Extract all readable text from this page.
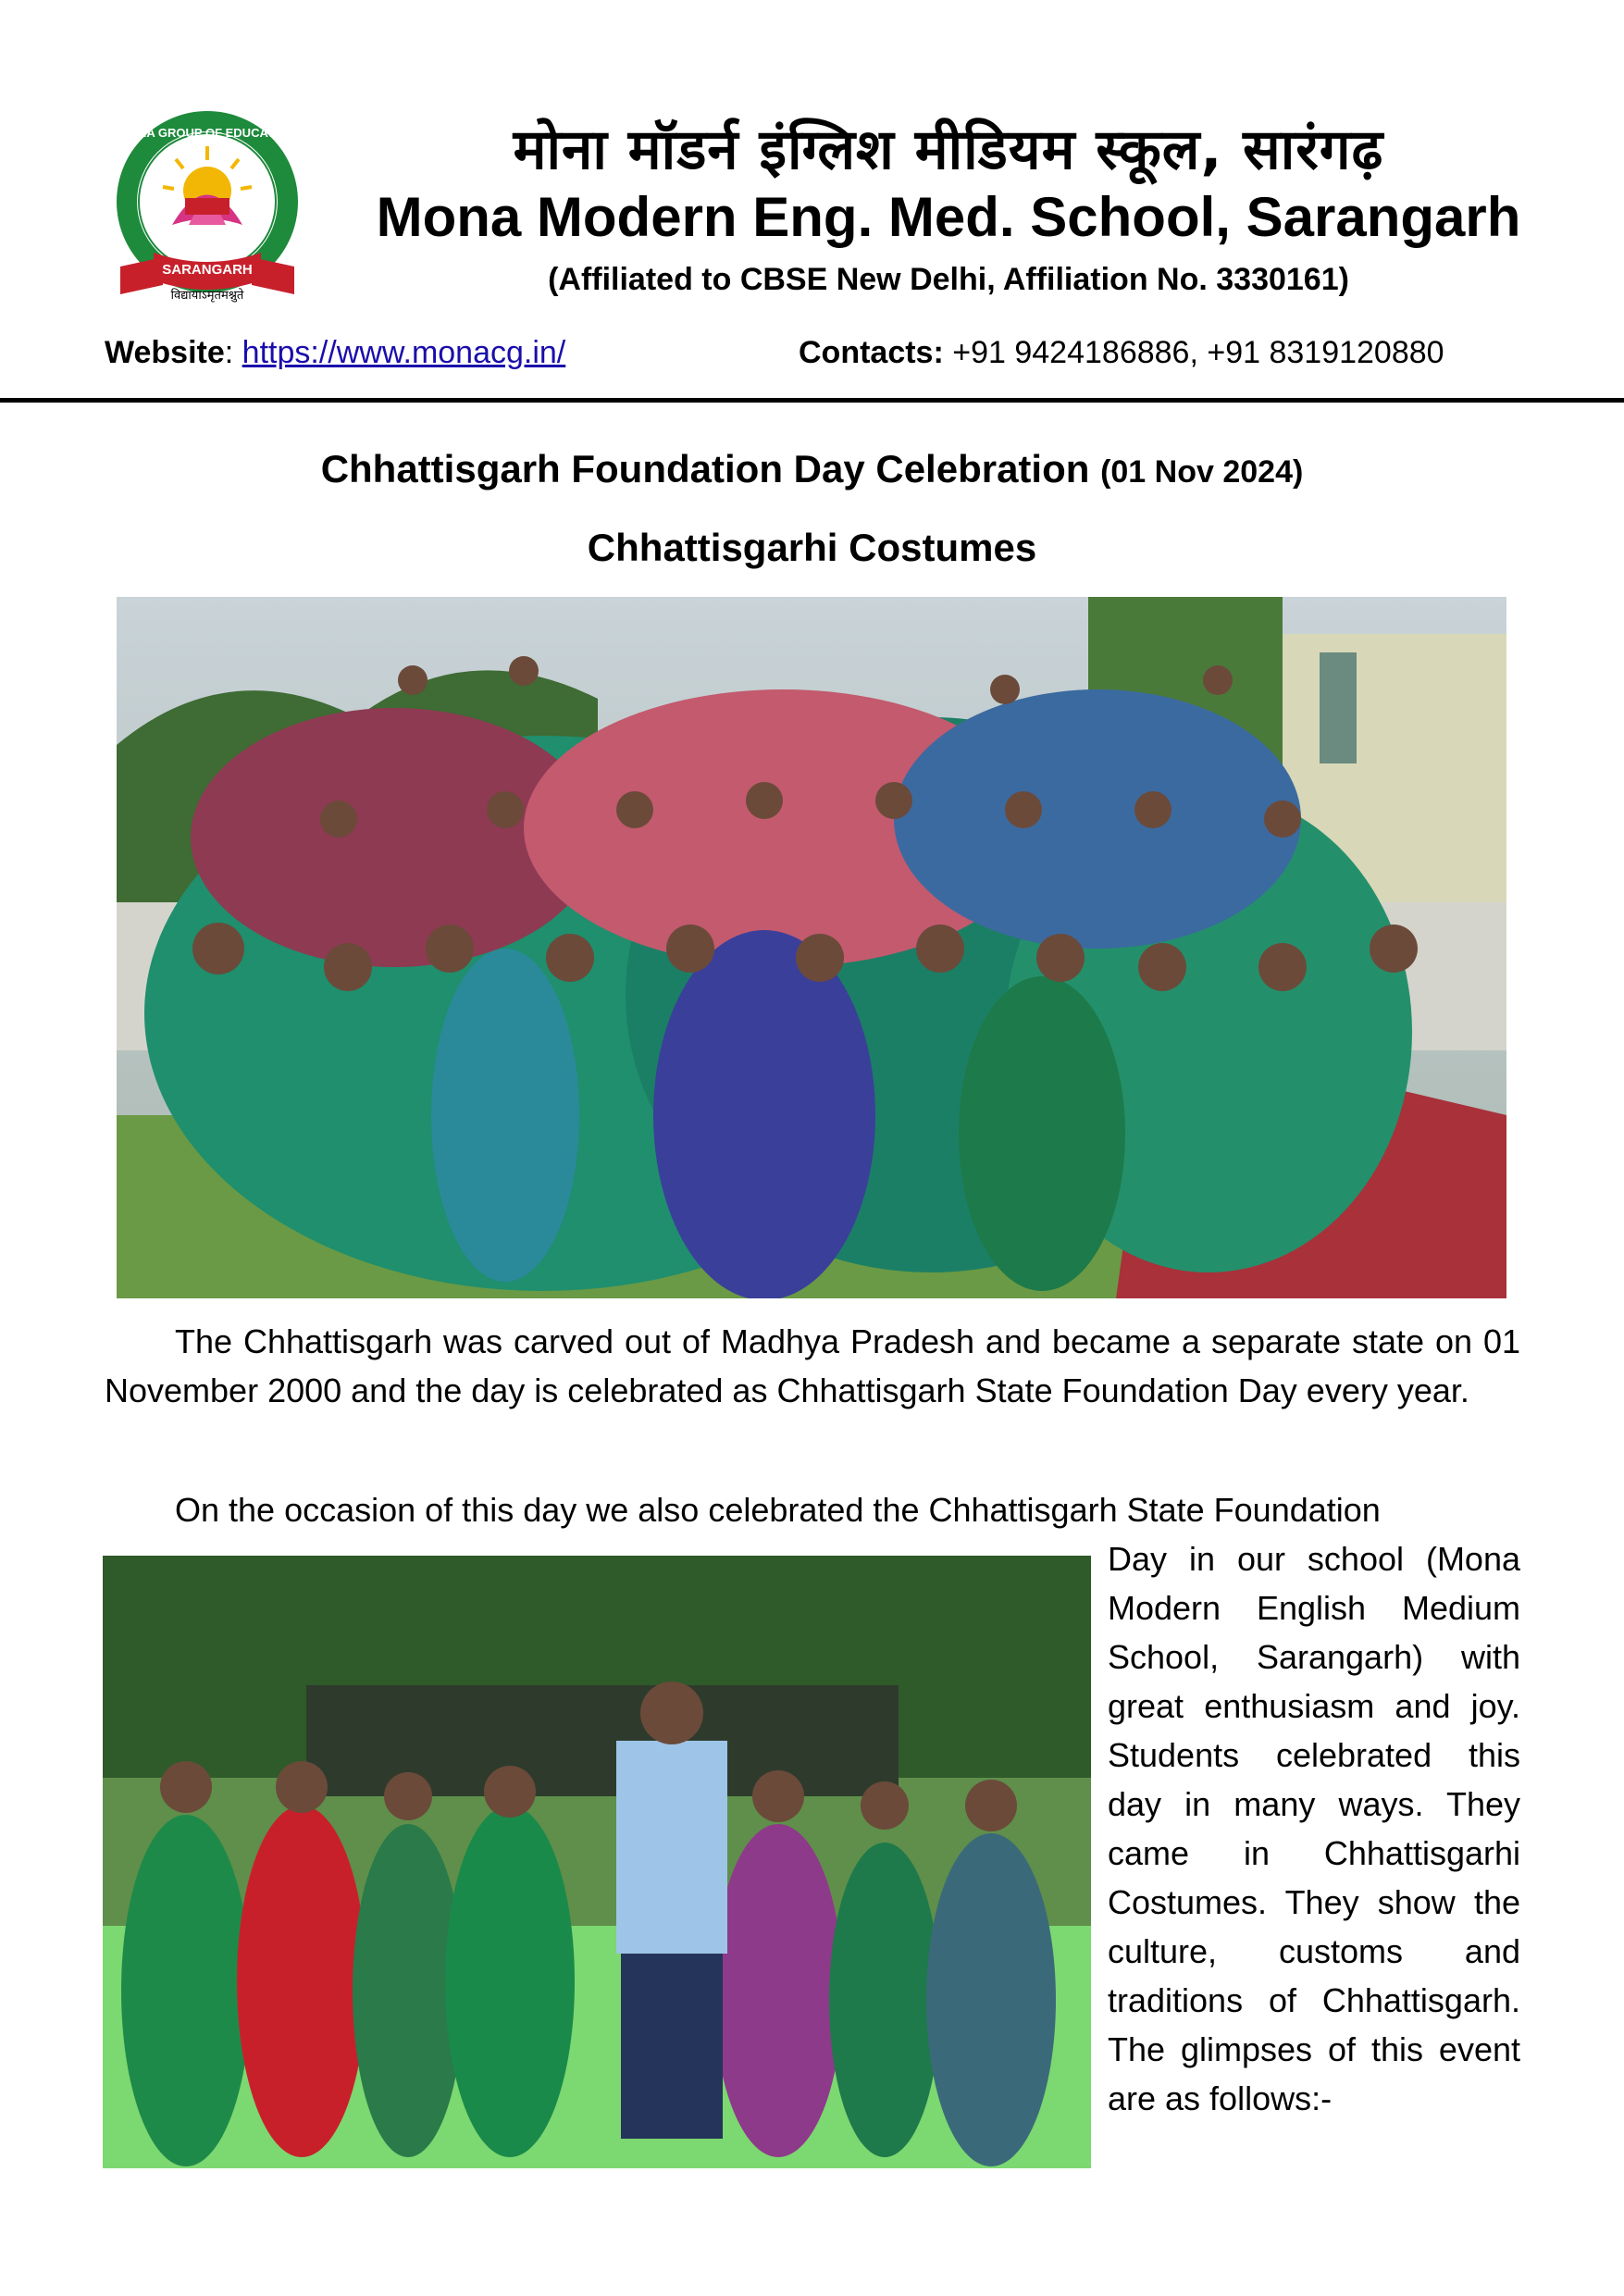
MONA GROUP OF EDUCATION
SARANGARH
विद्यायाऽमृतमश्नुते
मोना मॉडर्न इंग्लिश मीडियम स्कूल, सारंगढ़
Mona Modern Eng. Med. School, Sarangarh
(Affiliated to CBSE New Delhi, Affiliation No. 3330161)
Website: https://www.monacg.in/	Contacts: +91 9424186886, +91 8319120880
Chhattisgarh Foundation Day Celebration (01 Nov 2024)
Chhattisgarhi Costumes
The Chhattisgarh was carved out of Madhya Pradesh and became a separate state on 01 November 2000 and the day is celebrated as Chhattisgarh State Foundation Day every year.
On the occasion of this day we also celebrated the Chhattisgarh State Foundation
Day in our school (Mona Modern English Medium School, Sarangarh) with great enthusiasm and joy. Students celebrated this day in many ways. They came in Chhattisgarhi Costumes. They show the culture, customs and traditions of Chhattisgarh. The glimpses of this event are as follows:-
